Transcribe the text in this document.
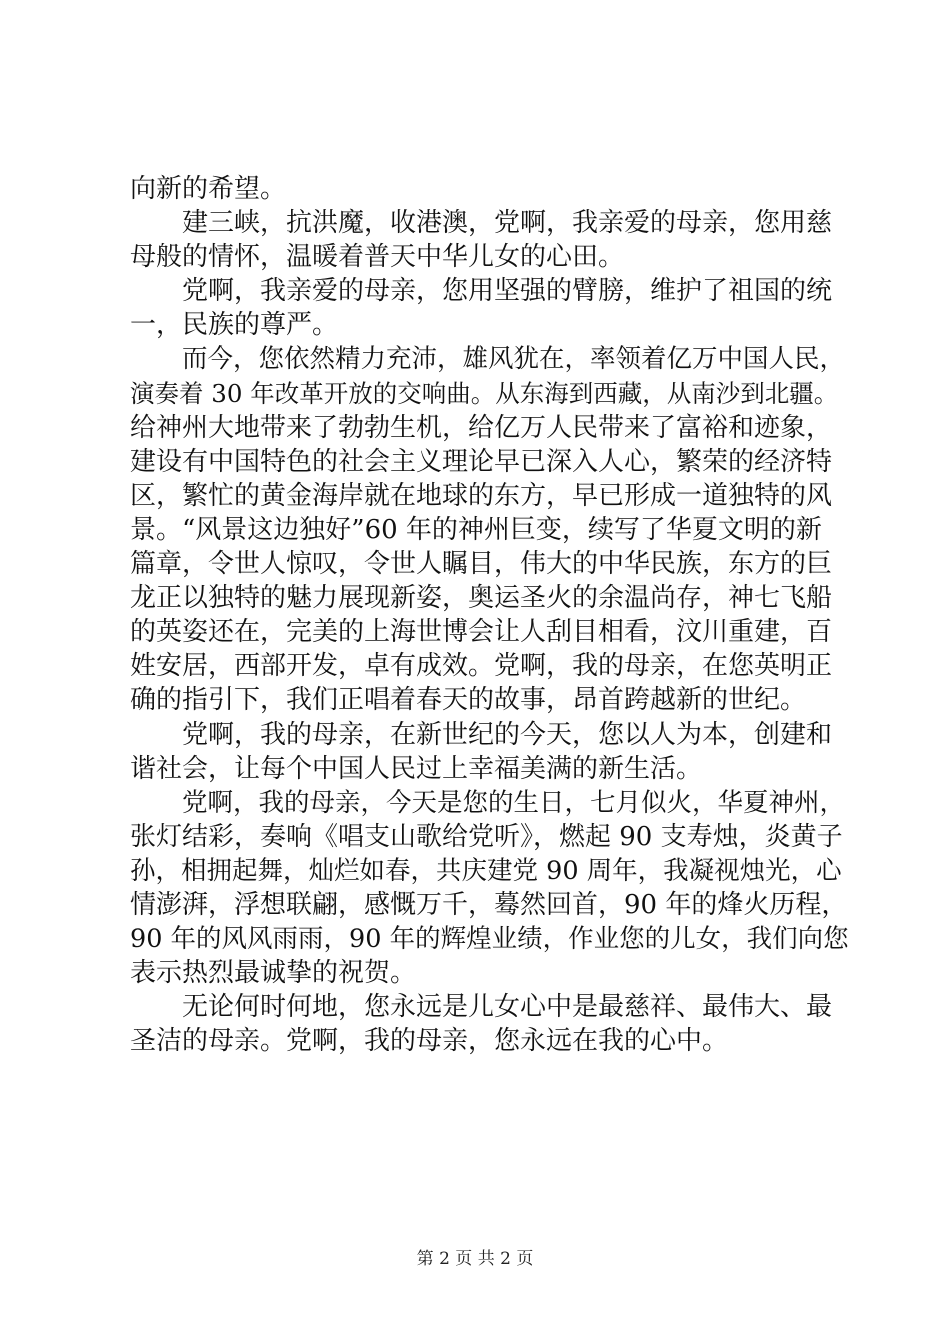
向新的希望。
建三峡，抗洪魔，收港澳，党啊，我亲爱的母亲，您用慈
母般的情怀，温暖着普天中华儿女的心田。
党啊，我亲爱的母亲，您用坚强的臂膀，维护了祖国的统
一，民族的尊严。
而今，您依然精力充沛，雄风犹在，率领着亿万中国人民，
演奏着 30 年改革开放的交响曲。从东海到西藏，从南沙到北疆。
给神州大地带来了勃勃生机，给亿万人民带来了富裕和迹象，
建设有中国特色的社会主义理论早已深入人心，繁荣的经济特
区，繁忙的黄金海岸就在地球的东方，早已形成一道独特的风
景。“风景这边独好”60 年的神州巨变，续写了华夏文明的新
篇章，令世人惊叹，令世人瞩目，伟大的中华民族，东方的巨
龙正以独特的魅力展现新姿，奥运圣火的余温尚存，神七飞船
的英姿还在，完美的上海世博会让人刮目相看，汶川重建，百
姓安居，西部开发，卓有成效。党啊，我的母亲，在您英明正
确的指引下，我们正唱着春天的故事，昂首跨越新的世纪。
党啊，我的母亲，在新世纪的今天，您以人为本，创建和
谐社会，让每个中国人民过上幸福美满的新生活。
党啊，我的母亲，今天是您的生日，七月似火，华夏神州，
张灯结彩，奏响《唱支山歌给党听》，燃起 90 支寿烛，炎黄子
孙，相拥起舞，灿烂如春，共庆建党 90 周年，我凝视烛光，心
情澎湃，浮想联翩，感慨万千，蓦然回首，90 年的烽火历程，
90 年的风风雨雨，90 年的辉煌业绩，作业您的儿女，我们向您
表示热烈最诚挚的祝贺。
无论何时何地，您永远是儿女心中是最慈祥、最伟大、最
圣洁的母亲。党啊，我的母亲，您永远在我的心中。
第 2 页 共 2 页
